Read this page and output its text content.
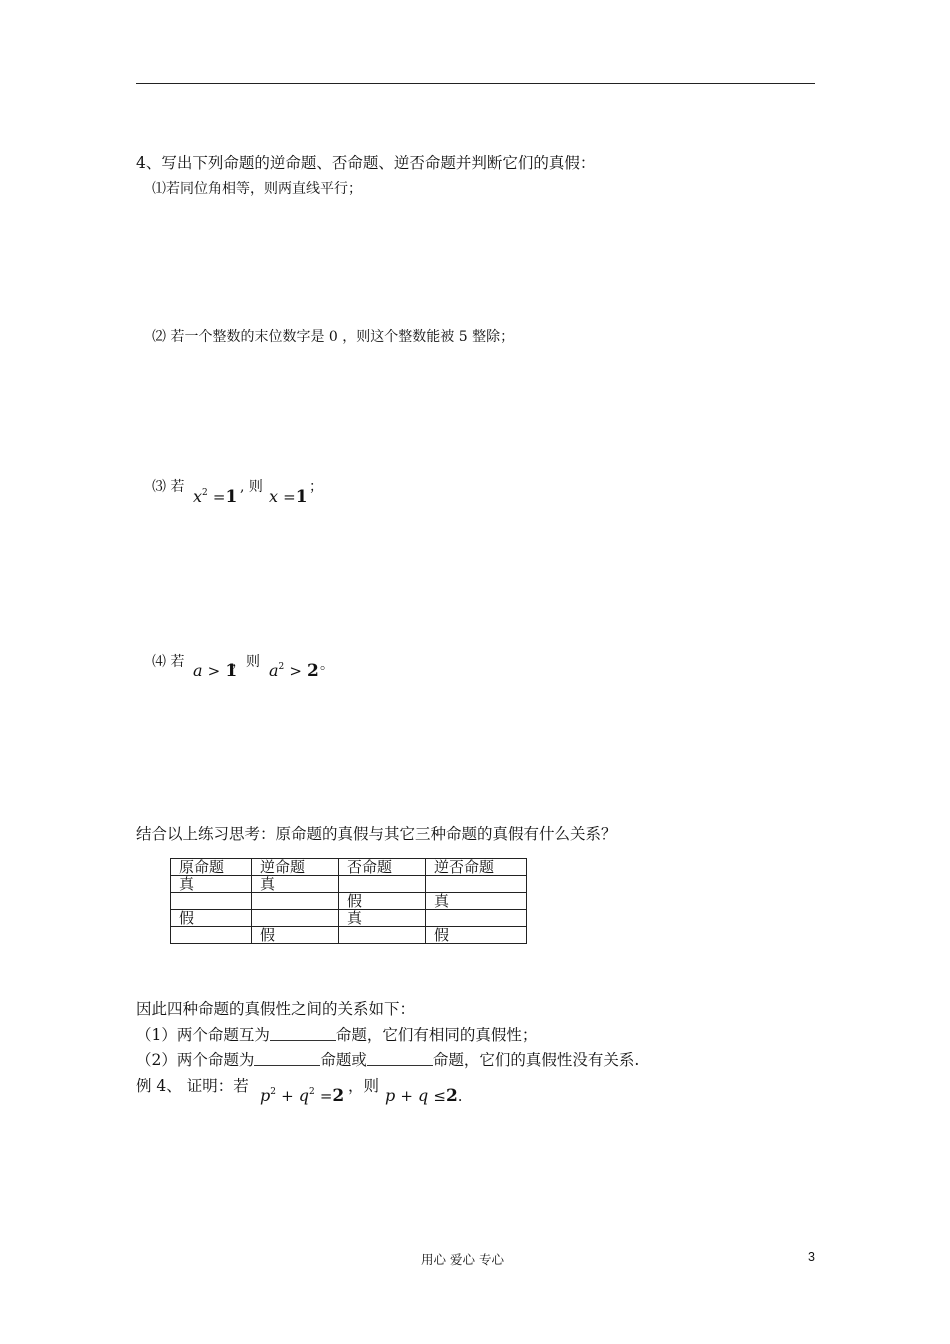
4、写出下列命题的逆命题、否命题、逆否命题并判断它们的真假：
⑴若同位角相等，则两直线平行；
⑵ 若一个整数的末位数字是 0 ，则这个整数能被 5 整除；
⑶ 若 $x^2 =1$ , 则 x =1 ；
⑷ 若 a > 1
，则 $a^2 > 2$ 。
结合以上练习思考：原命题的真假与其它三种命题的真假有什么关系？
原命题	逆命题	否命题	逆否命题
真	真		
		假	真
假		真	
	假		假
因此四种命题的真假性之间的关系如下：
（1）两个命题互为	命题，它们有相同的真假性；
（2）两个命题为	命题或	命题，它们的真假性没有关系.
例 4、 证明：若 $p^2 + q^2 =2$ ，则 p + q ≤2.
用心 爱心 专心	3
